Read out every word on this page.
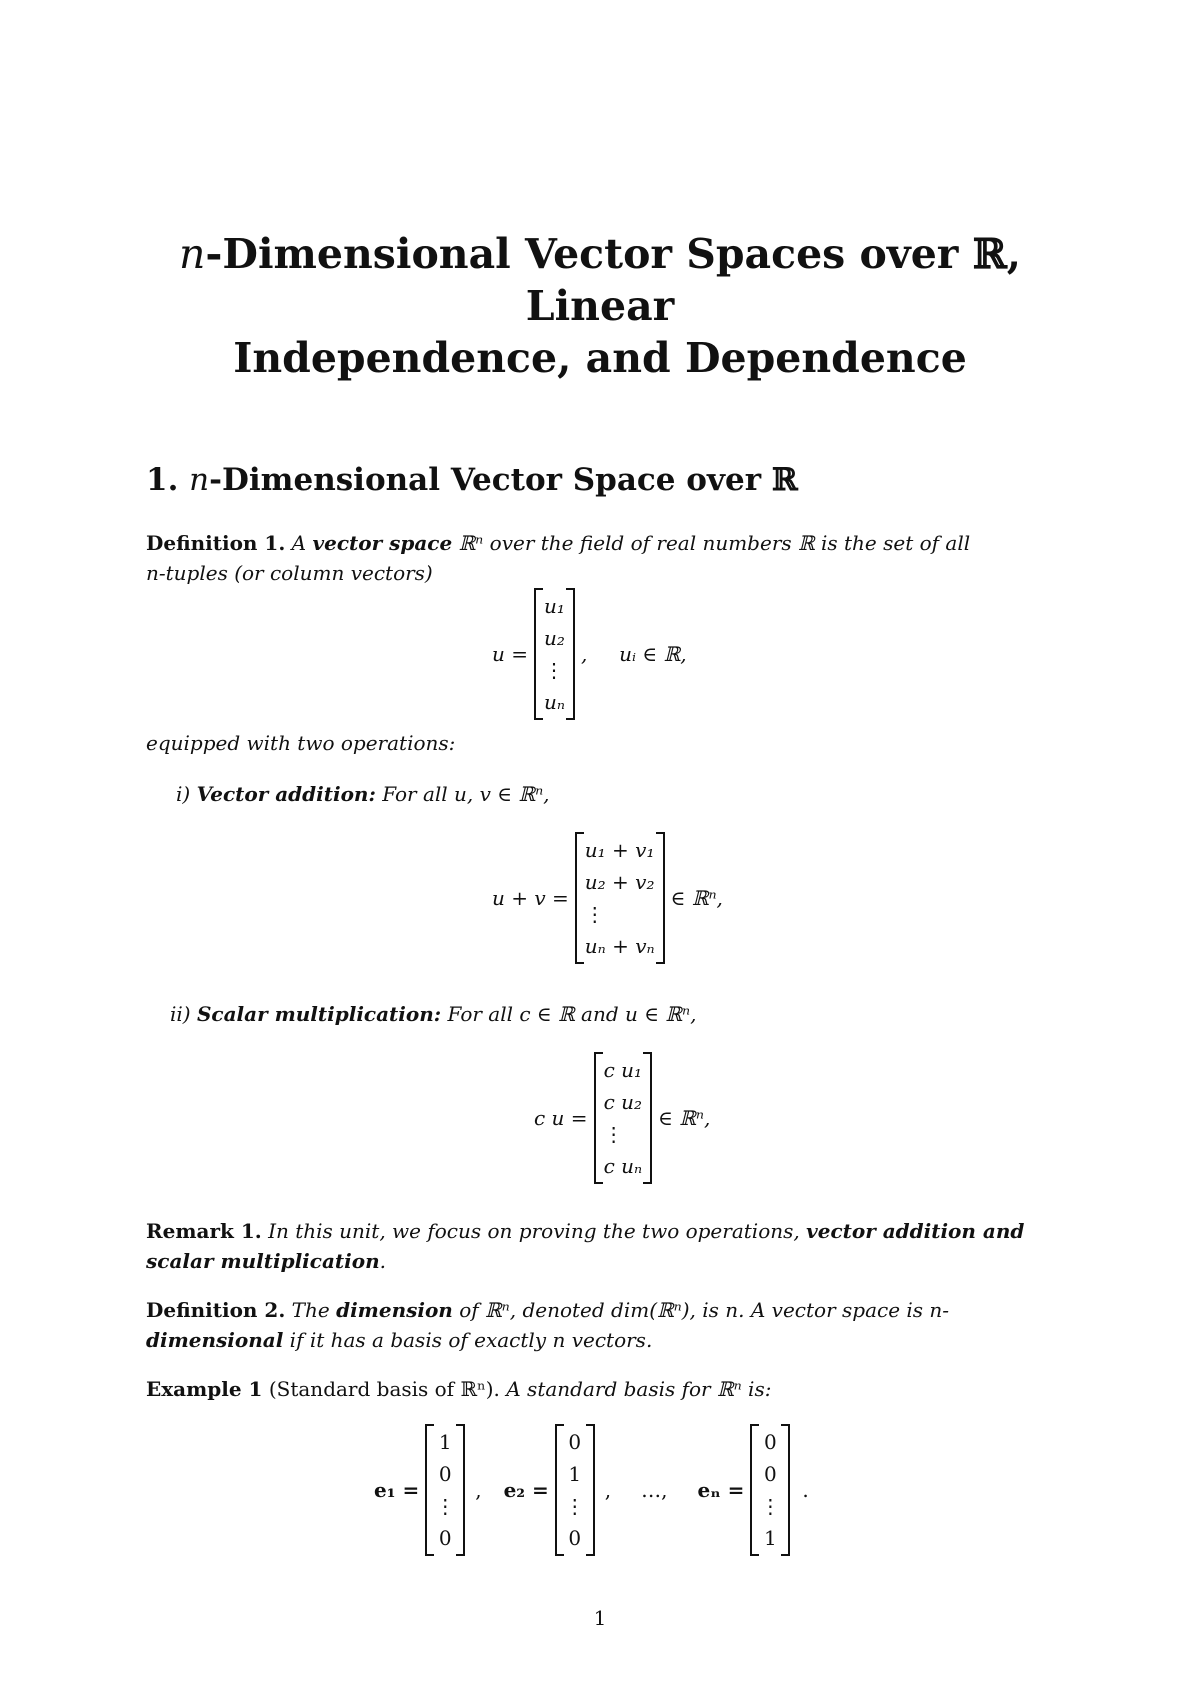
n-Dimensional Vector Spaces over ℝ, Linear
Independence, and Dependence
1. n-Dimensional Vector Space over ℝ
Definition 1. A vector space ℝⁿ over the field of real numbers ℝ is the set of all
n-tuples (or column vectors)
u =
u₁
u₂
⋮
uₙ
,     uᵢ ∈ ℝ,
equipped with two operations:
i) Vector addition: For all u, v ∈ ℝⁿ,
u + v =
u₁ + v₁
u₂ + v₂
⋮
uₙ + vₙ
∈ ℝⁿ,
ii) Scalar multiplication: For all c ∈ ℝ and u ∈ ℝⁿ,
c u =
c u₁
c u₂
⋮
c uₙ
∈ ℝⁿ,
Remark 1. In this unit, we focus on proving the two operations, vector addition and
scalar multiplication.
Definition 2. The dimension of ℝⁿ, denoted dim(ℝⁿ), is n. A vector space is n-
dimensional if it has a basis of exactly n vectors.
Example 1 (Standard basis of ℝⁿ). A standard basis for ℝⁿ is:
e₁ =
1
0
⋮
0
, e₂ =
0
1
⋮
0
, …, eₙ =
0
0
⋮
1
.
1
